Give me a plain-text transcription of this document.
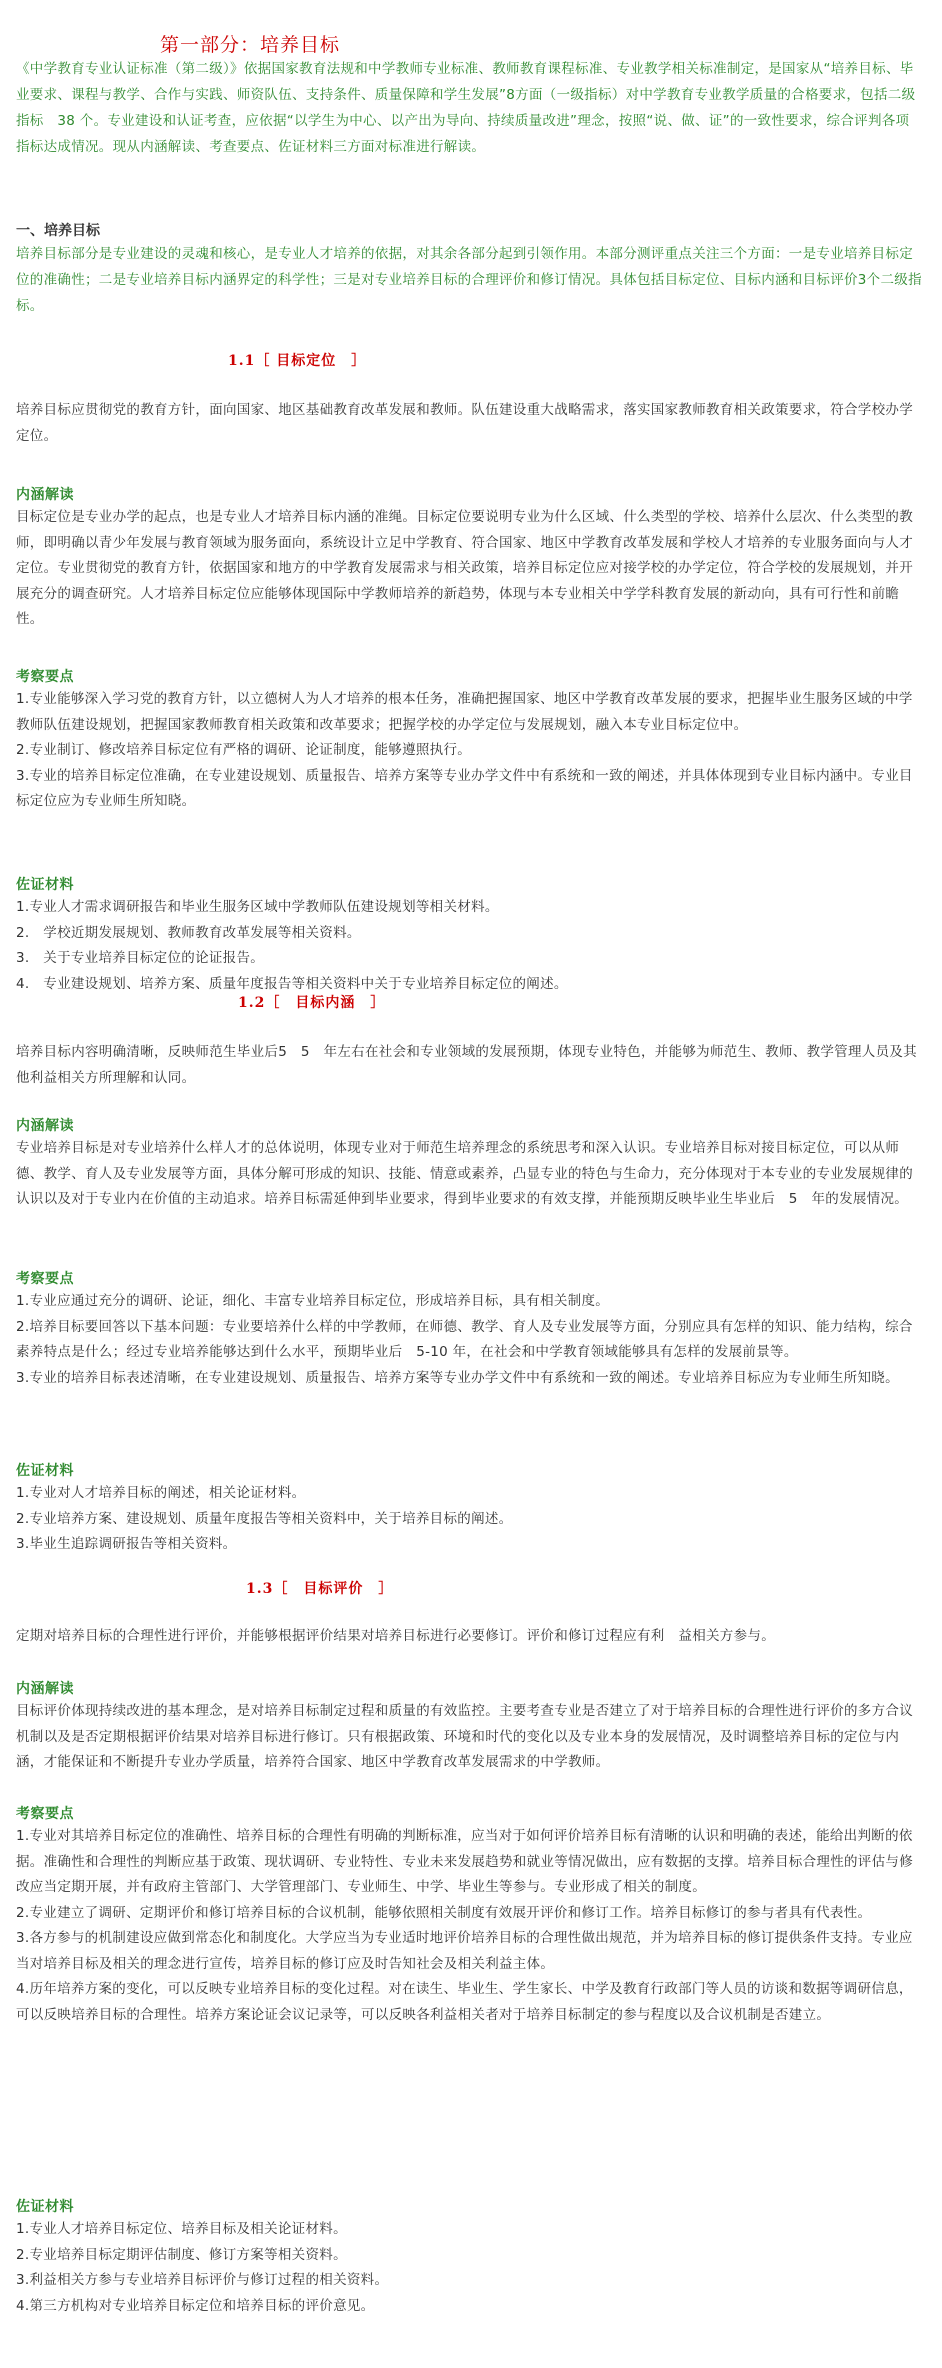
第一部分：培养目标

《中学教育专业认证标准（第二级）》依据国家教育法规和中学教师专业标准、教师教育课程标准、专业教学相关标准制定，是国家从“培养目标、毕业要求、课程与教学、合作与实践、师资队伍、支持条件、质量保障和学生发展”8方面（一级指标）对中学教育专业教学质量的合格要求，包括二级指标　38 个。专业建设和认证考查，应依据“以学生为中心、以产出为导向、持续质量改进”理念，按照“说、做、证”的一致性要求，综合评判各项指标达成情况。现从内涵解读、考查要点、佐证材料三方面对标准进行解读。

一、培养目标

培养目标部分是专业建设的灵魂和核心，是专业人才培养的依据，对其余各部分起到引领作用。本部分测评重点关注三个方面：一是专业培养目标定位的准确性；二是专业培养目标内涵界定的科学性；三是对专业培养目标的合理评价和修订情况。具体包括目标定位、目标内涵和目标评价3个二级指标。

1.1［ 目标定位　］

培养目标应贯彻党的教育方针，面向国家、地区基础教育改革发展和教师。队伍建设重大战略需求，落实国家教师教育相关政策要求，符合学校办学定位。

内涵解读

目标定位是专业办学的起点，也是专业人才培养目标内涵的准绳。目标定位要说明专业为什么区域、什么类型的学校、培养什么层次、什么类型的教师，即明确以青少年发展与教育领域为服务面向，系统设计立足中学教育、符合国家、地区中学教育改革发展和学校人才培养的专业服务面向与人才定位。专业贯彻党的教育方针，依据国家和地方的中学教育发展需求与相关政策，培养目标定位应对接学校的办学定位，符合学校的发展规划，并开展充分的调查研究。人才培养目标定位应能够体现国际中学教师培养的新趋势，体现与本专业相关中学学科教育发展的新动向，具有可行性和前瞻性。

考察要点
1.专业能够深入学习党的教育方针，以立德树人为人才培养的根本任务，准确把握国家、地区中学教育改革发展的要求，把握毕业生服务区域的中学教师队伍建设规划，把握国家教师教育相关政策和改革要求；把握学校的办学定位与发展规划，融入本专业目标定位中。
2.专业制订、修改培养目标定位有严格的调研、论证制度，能够遵照执行。
3.专业的培养目标定位准确，在专业建设规划、质量报告、培养方案等专业办学文件中有系统和一致的阐述，并具体体现到专业目标内涵中。专业目标定位应为专业师生所知晓。
佐证材料
1.专业人才需求调研报告和毕业生服务区域中学教师队伍建设规划等相关材料。
2.　学校近期发展规划、教师教育改革发展等相关资料。
3.　关于专业培养目标定位的论证报告。
4.　专业建设规划、培养方案、质量年度报告等相关资料中关于专业培养目标定位的阐述。
1.2［　目标内涵　］

培养目标内容明确清晰，反映师范生毕业后5　5　年左右在社会和专业领域的发展预期，体现专业特色，并能够为师范生、教师、教学管理人员及其他利益相关方所理解和认同。

内涵解读

专业培养目标是对专业培养什么样人才的总体说明，体现专业对于师范生培养理念的系统思考和深入认识。专业培养目标对接目标定位，可以从师德、教学、育人及专业发展等方面，具体分解可形成的知识、技能、情意或素养，凸显专业的特色与生命力，充分体现对于本专业的专业发展规律的认识以及对于专业内在价值的主动追求。培养目标需延伸到毕业要求，得到毕业要求的有效支撑，并能预期反映毕业生毕业后　5　年的发展情况。

考察要点
1.专业应通过充分的调研、论证，细化、丰富专业培养目标定位，形成培养目标，具有相关制度。
2.培养目标要回答以下基本问题：专业要培养什么样的中学教师，在师德、教学、育人及专业发展等方面，分别应具有怎样的知识、能力结构，综合素养特点是什么；经过专业培养能够达到什么水平，预期毕业后　5-10 年，在社会和中学教育领域能够具有怎样的发展前景等。
3.专业的培养目标表述清晰，在专业建设规划、质量报告、培养方案等专业办学文件中有系统和一致的阐述。专业培养目标应为专业师生所知晓。
佐证材料
1.专业对人才培养目标的阐述，相关论证材料。
2.专业培养方案、建设规划、质量年度报告等相关资料中，关于培养目标的阐述。
3.毕业生追踪调研报告等相关资料。
1.3［　目标评价　］

定期对培养目标的合理性进行评价，并能够根据评价结果对培养目标进行必要修订。评价和修订过程应有利　益相关方参与。

内涵解读

目标评价体现持续改进的基本理念，是对培养目标制定过程和质量的有效监控。主要考查专业是否建立了对于培养目标的合理性进行评价的多方合议机制以及是否定期根据评价结果对培养目标进行修订。只有根据政策、环境和时代的变化以及专业本身的发展情况，及时调整培养目标的定位与内涵，才能保证和不断提升专业办学质量，培养符合国家、地区中学教育改革发展需求的中学教师。

考察要点
1.专业对其培养目标定位的准确性、培养目标的合理性有明确的判断标准，应当对于如何评价培养目标有清晰的认识和明确的表述，能给出判断的依据。准确性和合理性的判断应基于政策、现状调研、专业特性、专业未来发展趋势和就业等情况做出，应有数据的支撑。培养目标合理性的评估与修改应当定期开展，并有政府主管部门、大学管理部门、专业师生、中学、毕业生等参与。专业形成了相关的制度。
2.专业建立了调研、定期评价和修订培养目标的合议机制，能够依照相关制度有效展开评价和修订工作。培养目标修订的参与者具有代表性。
3.各方参与的机制建设应做到常态化和制度化。大学应当为专业适时地评价培养目标的合理性做出规范，并为培养目标的修订提供条件支持。专业应当对培养目标及相关的理念进行宣传，培养目标的修订应及时告知社会及相关利益主体。
4.历年培养方案的变化，可以反映专业培养目标的变化过程。对在读生、毕业生、学生家长、中学及教育行政部门等人员的访谈和数据等调研信息，可以反映培养目标的合理性。培养方案论证会议记录等，可以反映各利益相关者对于培养目标制定的参与程度以及合议机制是否建立。
佐证材料
1.专业人才培养目标定位、培养目标及相关论证材料。
2.专业培养目标定期评估制度、修订方案等相关资料。
3.利益相关方参与专业培养目标评价与修订过程的相关资料。
4.第三方机构对专业培养目标定位和培养目标的评价意见。
